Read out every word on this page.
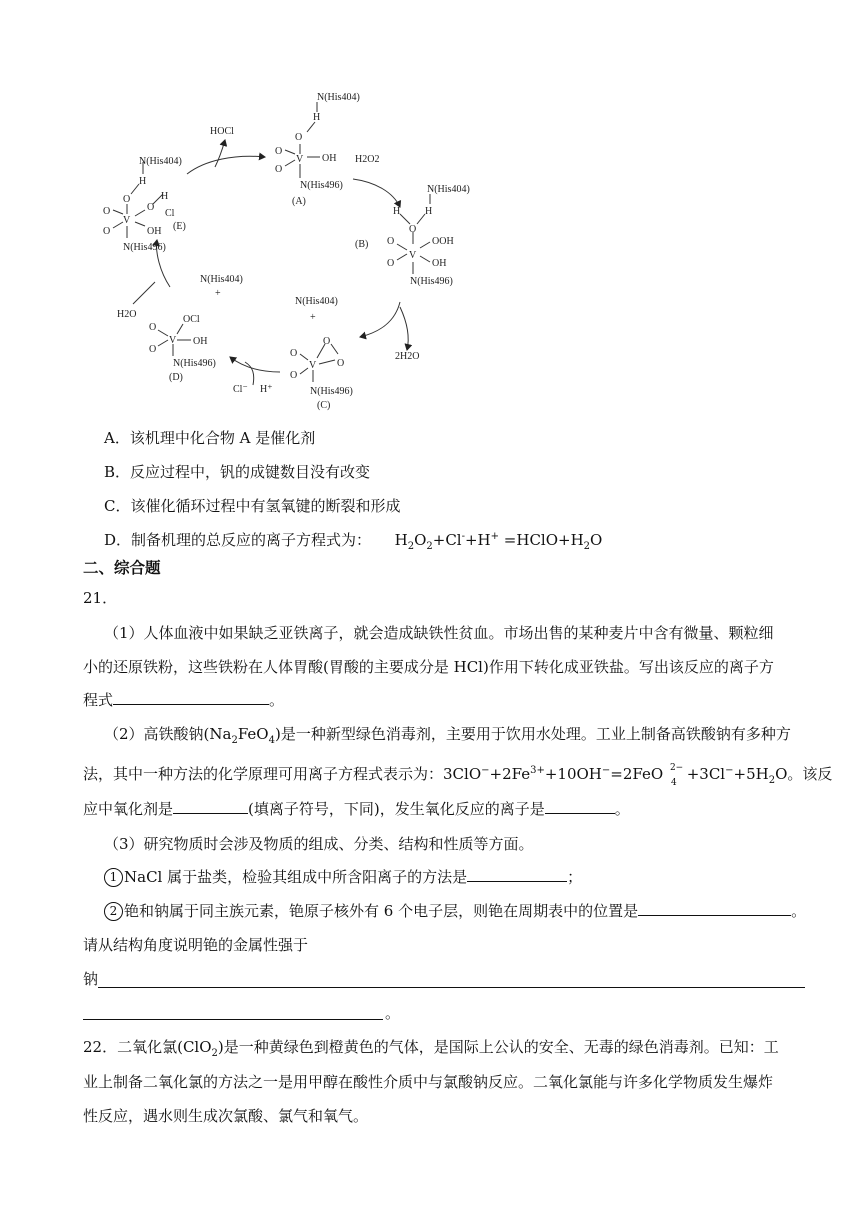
HOCl
N(His404)
H
O
O
V OH
O
N(His496)
(A)
H2O2
N(His404)
H H
O
(B) O
V
OOH
O	OH
N(His496)
N(His404)
+
2H2O
O
O
V
O
O
N(His496)
(C)
Cl⁻ H⁺
N(His404)
+
OCl
O
O
V OH
N(His496)
(D)
H2O
N(His404)
H
O	H
O
Cl
(E)
O
V
O	OH
N(His496)
A．该机理中化合物 A 是催化剂
B．反应过程中，钒的成键数目没有改变
C．该催化循环过程中有氢氧键的断裂和形成
D．制备机理的总反应的离子方程式为： $H_2O_2+Cl^-+H^+$ $=HClO+H_2O$
二、综合题
21．
（1）人体血液中如果缺乏亚铁离子，就会造成缺铁性贫血。市场出售的某种麦片中含有微量、颗粒细
小的还原铁粉，这些铁粉在人体胃酸(胃酸的主要成分是 HCl)作用下转化成亚铁盐。写出该反应的离子方
程式	。
（2）高铁酸钠$(Na_2FeO_4)$是一种新型绿色消毒剂，主要用于饮用水处理。工业上制备高铁酸钠有多种方
法，其中一种方法的化学原理可用离子方程式表示为：$3ClO^-+2Fe^{3+}+10OH^-=2FeO$ 2−
$4 +3Cl^-+5H_2O$。该反
应中氧化剂是	(填离子符号，下同)，发生氧化反应的离子是	。
（3）研究物质时会涉及物质的组成、分类、结构和性质等方面。
1 NaCl 属于盐类，检验其组成中所含阳离子的方法是	；
2 铯和钠属于同主族元素，铯原子核外有 6 个电子层，则铯在周期表中的位置是	。
请从结构角度说明铯的金属性强于
钠
。
22．二氧化氯(ClO$_2$)是一种黄绿色到橙黄色的气体，是国际上公认的安全、无毒的绿色消毒剂。已知：工
业上制备二氧化氯的方法之一是用甲醇在酸性介质中与氯酸钠反应。二氧化氯能与许多化学物质发生爆炸
性反应，遇水则生成次氯酸、氯气和氧气。
